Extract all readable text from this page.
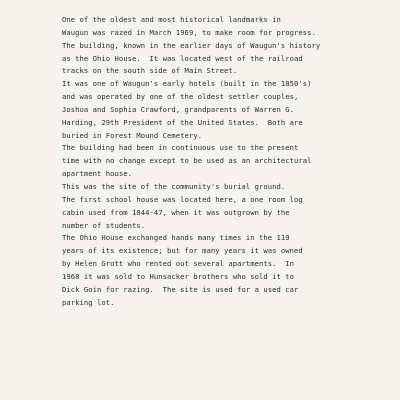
One of the oldest and most historical landmarks in
Waugun was razed in March 1969, to make room for progress.
The building, known in the earlier days of Waugun's history
as the Ohio House.  It was located west of the railroad
tracks on the south side of Main Street.
It was one of Waugun's early hotels (built in the 1850's)
and was operated by one of the oldest settler couples,
Joshua and Sophia Crawford, grandparents of Warren G.
Harding, 29th President of the United States.  Both are
buried in Forest Mound Cemetery.
The building had been in continuous use to the present
time with no change except to be used as an architectural
apartment house.
This was the site of the community's burial ground.
The first school house was located here, a one room log
cabin used from 1844-47, when it was outgrown by the
number of students.
The Ohio House exchanged hands many times in the 119
years of its existence; but for many years it was owned
by Helen Grott who rented out several apartments.  In
1968 it was sold to Hunsacker brothers who sold it to
Dick Goin for razing.  The site is used for a used car
parking lot.
